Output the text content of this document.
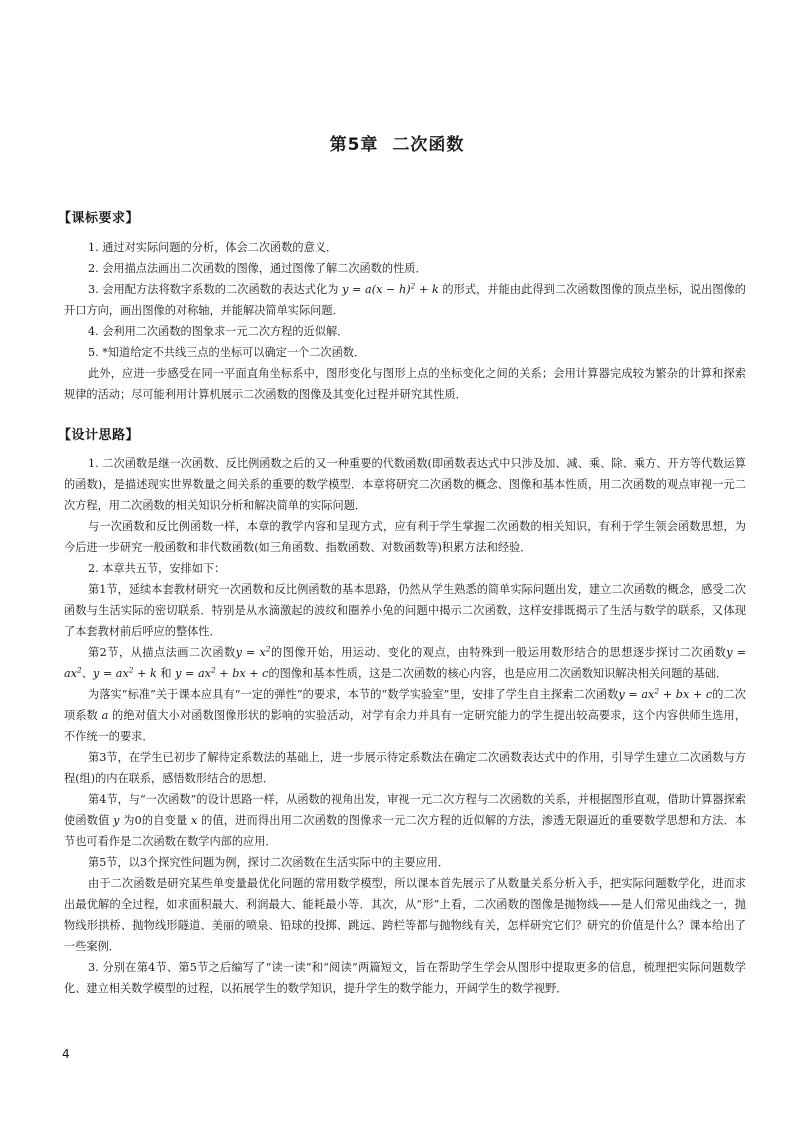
第5章 二次函数
【课标要求】

1. 通过对实际问题的分析，体会二次函数的意义．

2. 会用描点法画出二次函数的图像，通过图像了解二次函数的性质．

3. 会用配方法将数字系数的二次函数的表达式化为 $y = a(x - h)^2 + k$ 的形式，并能由此得到二次函数图像的顶点坐标，说出图像的开口方向，画出图像的对称轴，并能解决简单实际问题．

4. 会利用二次函数的图象求一元二次方程的近似解．

5. *知道给定不共线三点的坐标可以确定一个二次函数．

此外，应进一步感受在同一平面直角坐标系中，图形变化与图形上点的坐标变化之间的关系；会用计算器完成较为繁杂的计算和探索规律的活动；尽可能利用计算机展示二次函数的图像及其变化过程并研究其性质．

【设计思路】

1. 二次函数是继一次函数、反比例函数之后的又一种重要的代数函数(即函数表达式中只涉及加、减、乘、除、乘方、开方等代数运算的函数)，是描述现实世界数量之间关系的重要的数学模型．本章将研究二次函数的概念、图像和基本性质，用二次函数的观点审视一元二次方程，用二次函数的相关知识分析和解决简单的实际问题．

与一次函数和反比例函数一样，本章的教学内容和呈现方式，应有利于学生掌握二次函数的相关知识，有利于学生领会函数思想，为今后进一步研究一般函数和非代数函数(如三角函数、指数函数、对数函数等)积累方法和经验．

2. 本章共五节，安排如下：

第1节，延续本套教材研究一次函数和反比例函数的基本思路，仍然从学生熟悉的简单实际问题出发，建立二次函数的概念，感受二次函数与生活实际的密切联系．特别是从水滴激起的波纹和圈养小兔的问题中揭示二次函数，这样安排既揭示了生活与数学的联系，又体现了本套教材前后呼应的整体性．

第2节，从描点法画二次函数$y = x^2$的图像开始，用运动、变化的观点，由特殊到一般运用数形结合的思想逐步探讨二次函数$y = ax^2$、$y = ax^2 + k$ 和 $y = ax^2$ + bx + c的图像和基本性质，这是二次函数的核心内容，也是应用二次函数知识解决相关问题的基础．

为落实“标准”关于课本应具有“一定的弹性”的要求，本节的“数学实验室”里，安排了学生自主探索二次函数$y = ax^2$ + bx + c的二次项系数 a 的绝对值大小对函数图像形状的影响的实验活动，对学有余力并具有一定研究能力的学生提出较高要求，这个内容供师生选用，不作统一的要求．

第3节，在学生已初步了解待定系数法的基础上，进一步展示待定系数法在确定二次函数表达式中的作用，引导学生建立二次函数与方程(组)的内在联系，感悟数形结合的思想．

第4节，与“一次函数”的设计思路一样，从函数的视角出发，审视一元二次方程与二次函数的关系，并根据图形直观，借助计算器探索使函数值 y 为0的自变量 x 的值，进而得出用二次函数的图像求一元二次方程的近似解的方法，渗透无限逼近的重要数学思想和方法．本节也可看作是二次函数在数学内部的应用．

第5节，以3个探究性问题为例，探讨二次函数在生活实际中的主要应用．

由于二次函数是研究某些单变量最优化问题的常用数学模型，所以课本首先展示了从数量关系分析入手，把实际问题数学化，进而求出最优解的全过程，如求面积最大、利润最大、能耗最小等．其次，从“形”上看，二次函数的图像是抛物线——是人们常见曲线之一，抛物线形拱桥、抛物线形隧道、美丽的喷泉、铅球的投掷、跳远、跨栏等都与抛物线有关，怎样研究它们？研究的价值是什么？课本给出了一些案例．

3. 分别在第4节、第5节之后编写了“读一读”和“阅读”两篇短文，旨在帮助学生学会从图形中提取更多的信息，梳理把实际问题数学化、建立相关数学模型的过程，以拓展学生的数学知识，提升学生的数学能力，开阔学生的数学视野．

4
